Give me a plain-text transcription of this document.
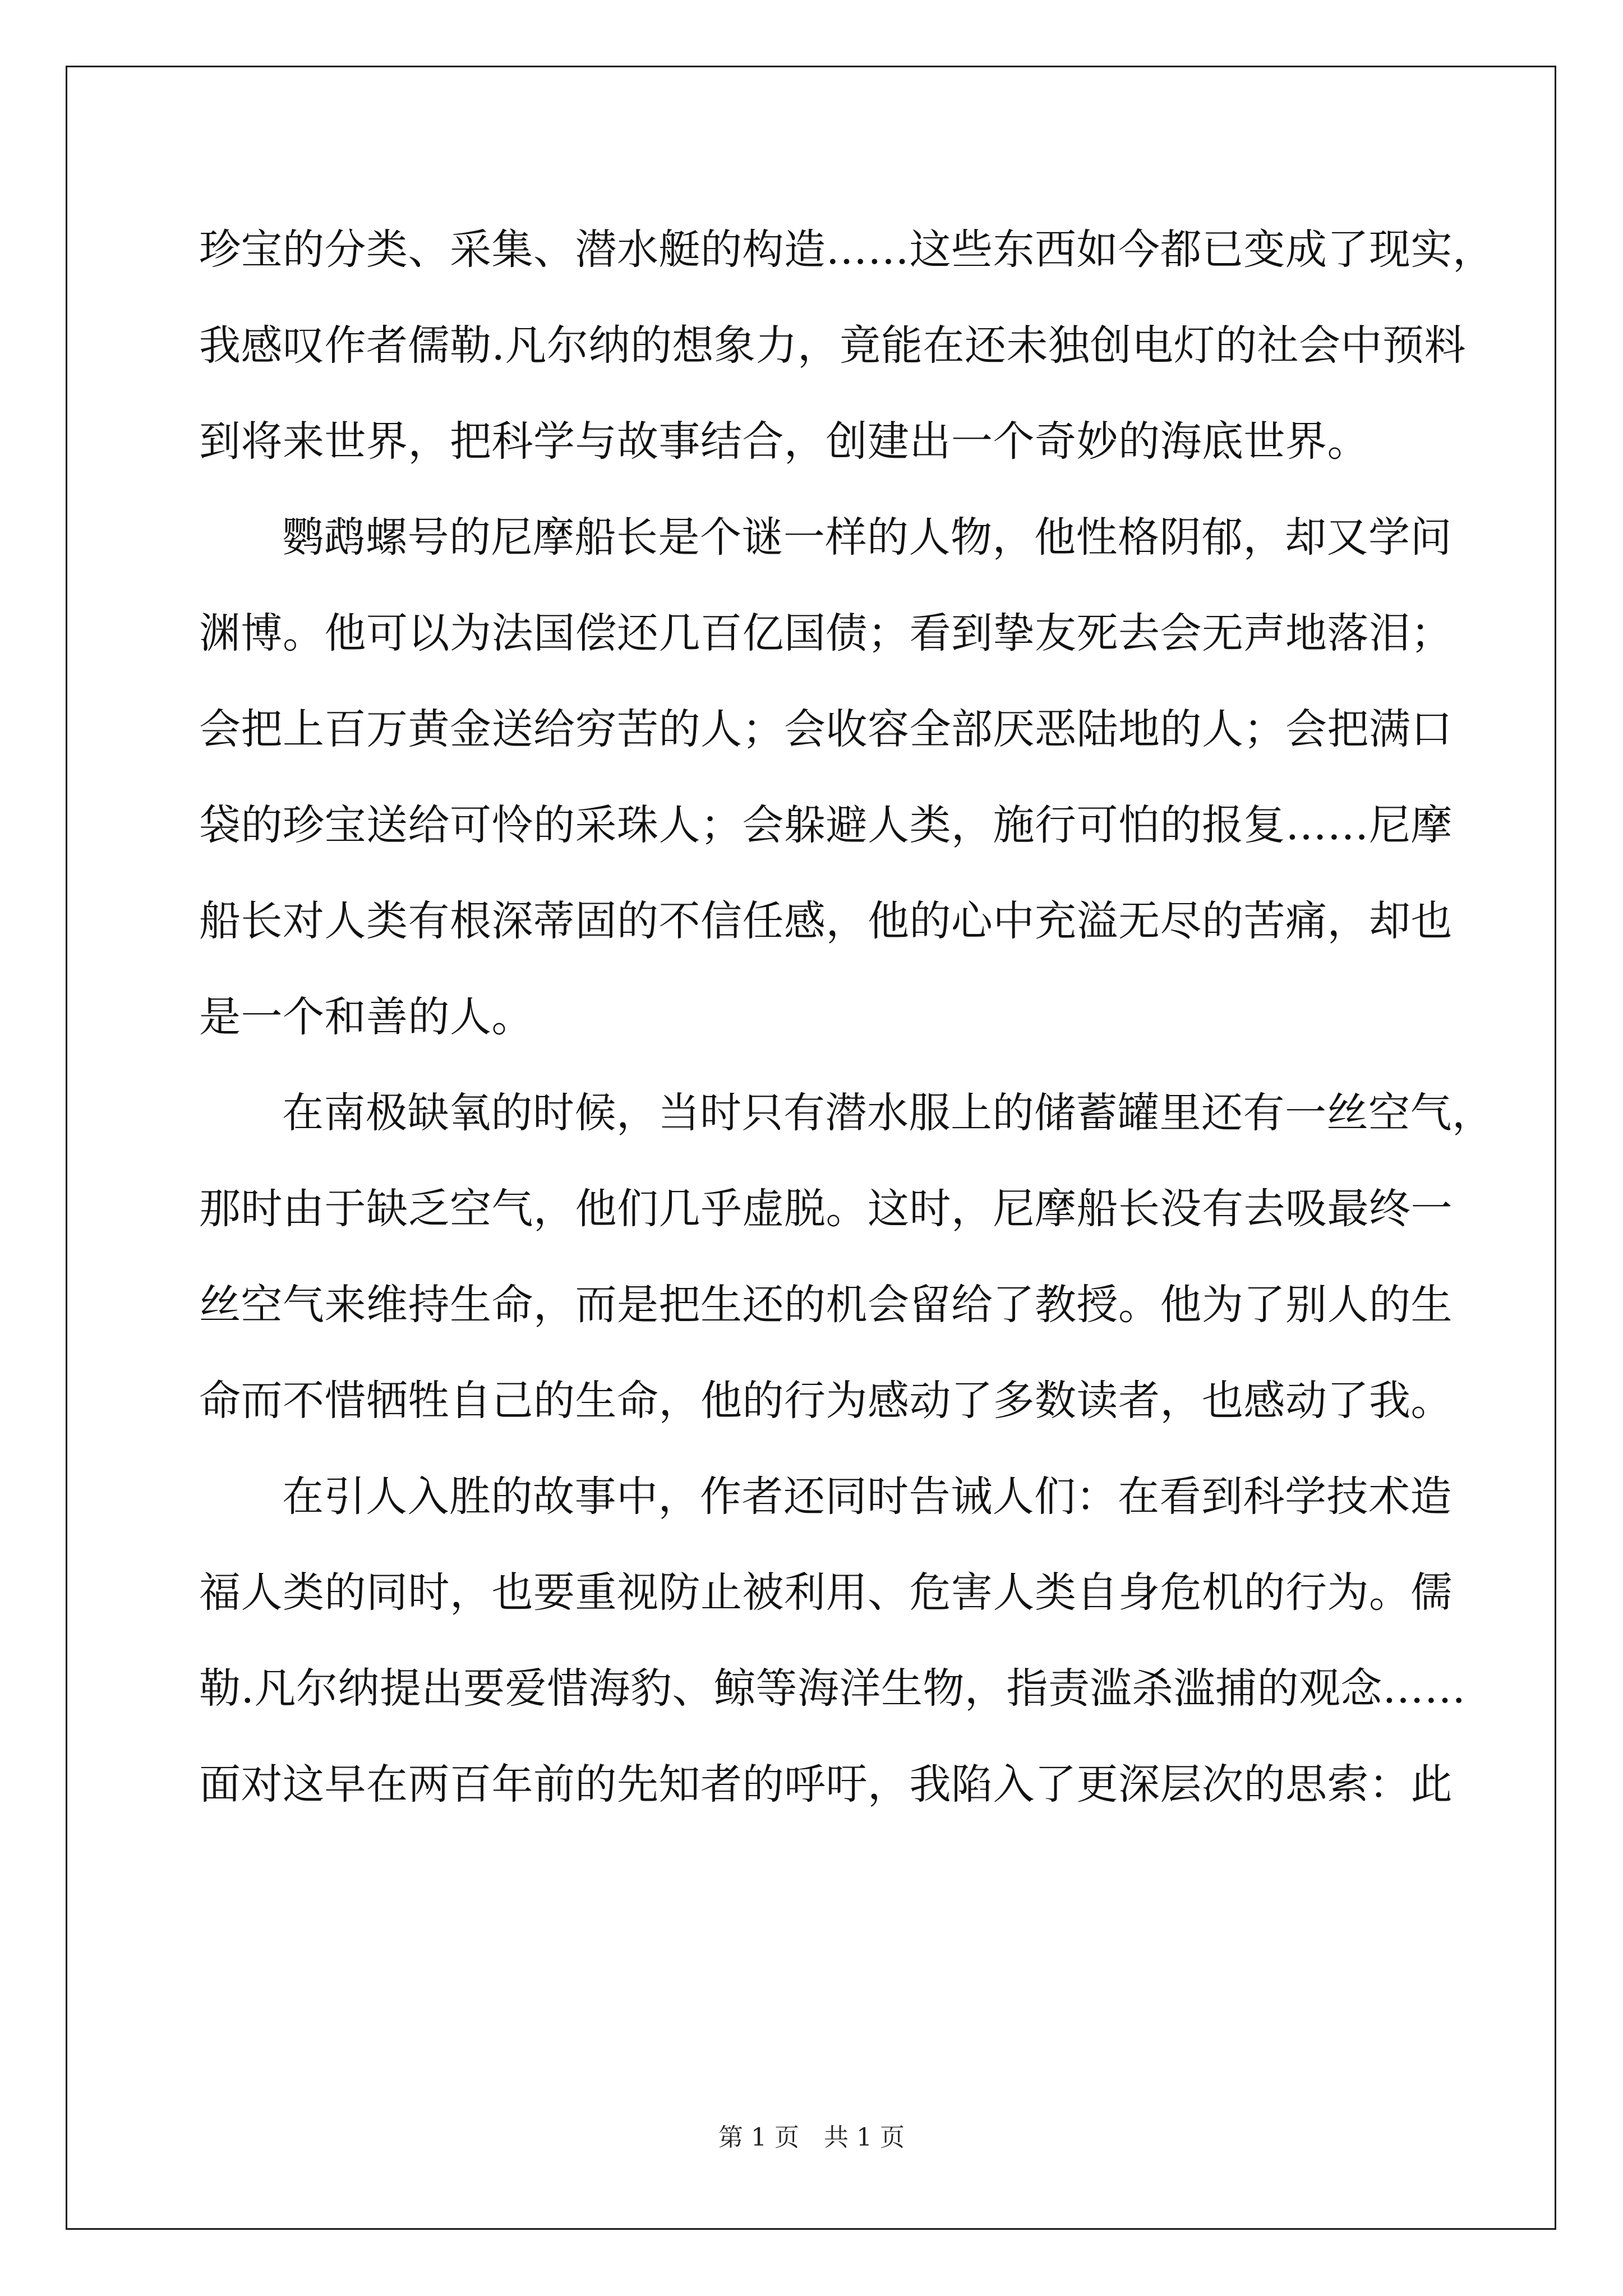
珍宝的分类、采集、潜水艇的构造……这些东西如今都已变成了现实，
我感叹作者儒勒.凡尔纳的想象力，竟能在还未独创电灯的社会中预料
到将来世界，把科学与故事结合，创建出一个奇妙的海底世界。
鹦鹉螺号的尼摩船长是个谜一样的人物，他性格阴郁，却又学问
渊博。他可以为法国偿还几百亿国债；看到挚友死去会无声地落泪；
会把上百万黄金送给穷苦的人；会收容全部厌恶陆地的人；会把满口
袋的珍宝送给可怜的采珠人；会躲避人类，施行可怕的报复……尼摩
船长对人类有根深蒂固的不信任感，他的心中充溢无尽的苦痛，却也
是一个和善的人。
在南极缺氧的时候，当时只有潜水服上的储蓄罐里还有一丝空气，
那时由于缺乏空气，他们几乎虚脱。这时，尼摩船长没有去吸最终一
丝空气来维持生命，而是把生还的机会留给了教授。他为了别人的生
命而不惜牺牲自己的生命，他的行为感动了多数读者，也感动了我。
在引人入胜的故事中，作者还同时告诫人们：在看到科学技术造
福人类的同时，也要重视防止被利用、危害人类自身危机的行为。儒
勒.凡尔纳提出要爱惜海豹、鲸等海洋生物，指责滥杀滥捕的观念……
面对这早在两百年前的先知者的呼吁，我陷入了更深层次的思索：此
第 1 页　共 1 页
